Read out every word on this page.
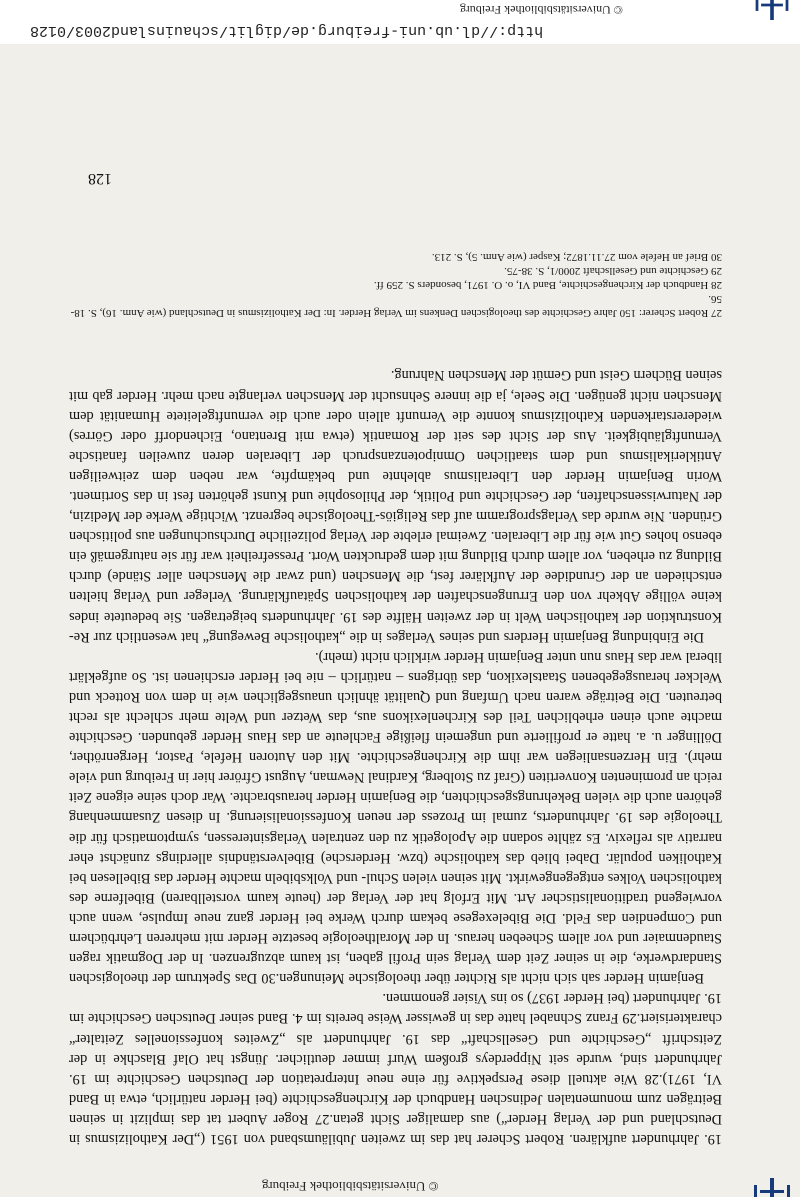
http://dl.ub.uni-freiburg.de/diglit/schauinsland2003/0128
© Universitätsbibliothek Freiburg

19. Jahrhundert aufklären. Robert Scherer hat das im zweiten Jubiläumsband von 1951 („Der Katholizismus in Deutschland und der Verlag Herder“) aus damaliger Sicht getan.27 Roger Aubert tat das implizit in seinen Beiträgen zum monumentalen Jedinschen Handbuch der Kirchengeschichte (bei Herder natürlich, etwa in Band VI, 1971).28 Wie aktuell diese Perspektive für eine neue Interpretation der Deutschen Geschichte im 19. Jahrhundert sind, wurde seit Nipperdeys großem Wurf immer deutlicher. Jüngst hat Olaf Blaschke in der Zeitschrift „Geschichte und Gesellschaft“ das 19. Jahrhundert als „Zweites konfessionelles Zeitalter“ charakterisiert.29 Franz Schnabel hatte das in gewisser Weise bereits im 4. Band seiner Deutschen Geschichte im 19. Jahrhundert (bei Herder 1937) so ins Visier genommen.

Benjamin Herder sah sich nicht als Richter über theologische Meinungen.30 Das Spektrum der theologischen Standardwerke, die in seiner Zeit dem Verlag sein Profil gaben, ist kaum abzugrenzen. In der Dogmatik ragen Staudenmaier und vor allem Scheeben heraus. In der Moraltheologie besetzte Herder mit mehreren Lehrbüchern und Compendien das Feld. Die Bibelexegese bekam durch Werke bei Herder ganz neue Impulse, wenn auch vorwiegend traditionalistischer Art. Mit Erfolg hat der Verlag der (heute kaum vorstellbaren) Bibelferne des katholischen Volkes entgegengewirkt. Mit seinen vielen Schul- und Volksbibeln machte Herder das Bibellesen bei Katholiken populär. Dabei blieb das katholische (bzw. Herdersche) Bibelverständnis allerdings zunächst eher narrativ als reflexiv. Es zählte sodann die Apologetik zu den zentralen Verlagsinteressen, symptomatisch für die Theologie des 19. Jahrhunderts, zumal im Prozess der neuen Konfessionalisierung. In diesen Zusammenhang gehören auch die vielen Bekehrungsgeschichten, die Benjamin Herder herausbrachte. War doch seine eigene Zeit reich an prominenten Konvertiten (Graf zu Stolberg, Kardinal Newman, August Gfrörer hier in Freiburg und viele mehr). Ein Herzensanliegen war ihm die Kirchengeschichte. Mit den Autoren Hefele, Pastor, Hergenröther, Döllinger u. a. hatte er profilierte und ungemein fleißige Fachleute an das Haus Herder gebunden. Geschichte machte auch einen erheblichen Teil des Kirchenlexikons aus, das Wetzer und Welte mehr schlecht als recht betreuten. Die Beiträge waren nach Umfang und Qualität ähnlich unausgeglichen wie in dem von Rotteck und Welcker herausgegebenen Staatslexikon, das übrigens – natürlich – nie bei Herder erschienen ist. So aufgeklärt liberal war das Haus nun unter Benjamin Herder wirklich nicht (mehr).

Die Einbindung Benjamin Herders und seines Verlages in die „katholische Bewegung“ hat wesentlich zur Re-Konstruktion der katholischen Welt in der zweiten Hälfte des 19. Jahrhunderts beigetragen. Sie bedeutete indes keine völlige Abkehr von den Errungenschaften der katholischen Spätaufklärung. Verleger und Verlag hielten entschieden an der Grundidee der Aufklärer fest, die Menschen (und zwar die Menschen aller Stände) durch Bildung zu erheben, vor allem durch Bildung mit dem gedruckten Wort. Pressefreiheit war für sie naturgemäß ein ebenso hohes Gut wie für die Liberalen. Zweimal erlebte der Verlag polizeiliche Durchsuchungen aus politischen Gründen. Nie wurde das Verlagsprogramm auf das Religiös-Theologische begrenzt. Wichtige Werke der Medizin, der Naturwissenschaften, der Geschichte und Politik, der Philosophie und Kunst gehörten fest in das Sortiment. Worin Benjamin Herder den Liberalismus ablehnte und bekämpfte, war neben dem zeitweiligen Antiklerikalismus und dem staatlichen Omnipotenzanspruch der Liberalen deren zuweilen fanatische Vernunftgläubigkeit. Aus der Sicht des seit der Romantik (etwa mit Brentano, Eichendorff oder Görres) wiedererstarkenden Katholizismus konnte die Vernunft allein oder auch die vernunftgeleitete Humanität dem Menschen nicht genügen. Die Seele, ja die innere Sehnsucht der Menschen verlangte nach mehr. Herder gab mit seinen Büchern Geist und Gemüt der Menschen Nahrung.

27 Robert Scherer: 150 Jahre Geschichte des theologischen Denkens im Verlag Herder. In: Der Katholizismus in Deutschland (wie Anm. 16), S. 18-56.

28 Handbuch der Kirchengeschichte, Band VI, o. O. 1971, besonders S. 259 ff.

29 Geschichte und Gesellschaft 2000/1, S. 38-75.

30 Brief an Hefele vom 27.11.1872; Kasper (wie Anm. 5), S. 213.

128
© Universitätsbibliothek Freiburg
